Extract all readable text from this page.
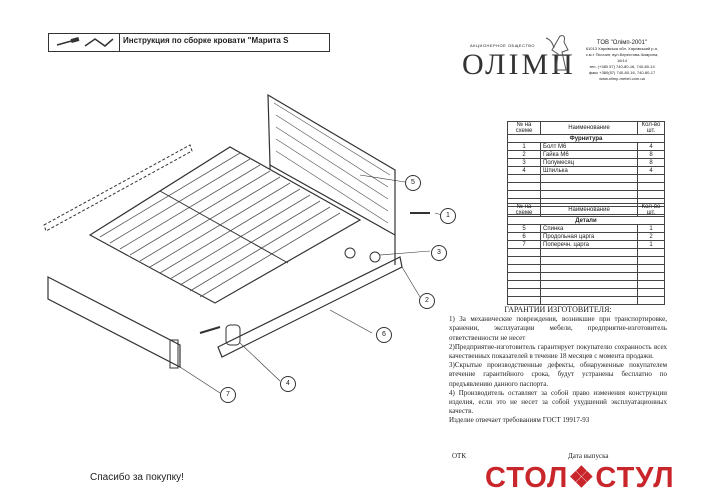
Инструкция по сборке кровати "Марита S
АКЦИОНЕРНОЕ ОБЩЕСТВО
ОЛІМП
ТОВ "Олімп-2001"
61013 Харківська обл. Харківський р-н,
с.м.т Пісочин, вул.Берестова-Чимрина, 16/14
тел. (+380 57) 740-80-16, 740-80-14
факс +380(57) 740-80-16, 740-80-17
www.olimp-mebel.com.ua
1
2
3
4
5
6
7
№ на схеме	Наименование	Кол-во шт.
Фурнитура		
1	Болт М6	4
2	Гайка М6	8
3	Полумесяц	8
4	Шпилька	4

№ на схеме	Наименование	Кол-во шт.
Детали		
5	Спинка	1
6	Продольная царга	2
7	Поперечн. царга	1

ГАРАНТИИ ИЗГОТОВИТЕЛЯ:

1) За механические повреждения, возникшие при транспортировке, хранении, эксплуатации мебели, предприятие-изготовитель ответственности не несет

2)Предприятие-изготовитель гарантирует покупателю сохранность всех качественных показателей в течение 18 месяцев с момента продажи.

3)Скрытые производственные дефекты, обнаруженные покупателем втечение гарантийного срока, будут устранены бесплатно по предъявлению данного паспорта.

4) Производитель оставляет за собой право изменения конструкции изделия, если это не несет за собой ухудшений эксплуатационных качеств.

Изделие отвечает требованиям ГОСТ 19917-93

ОТК	Дата выпуска
Спасибо за покупку!	СТОЛ❖СТУЛ
